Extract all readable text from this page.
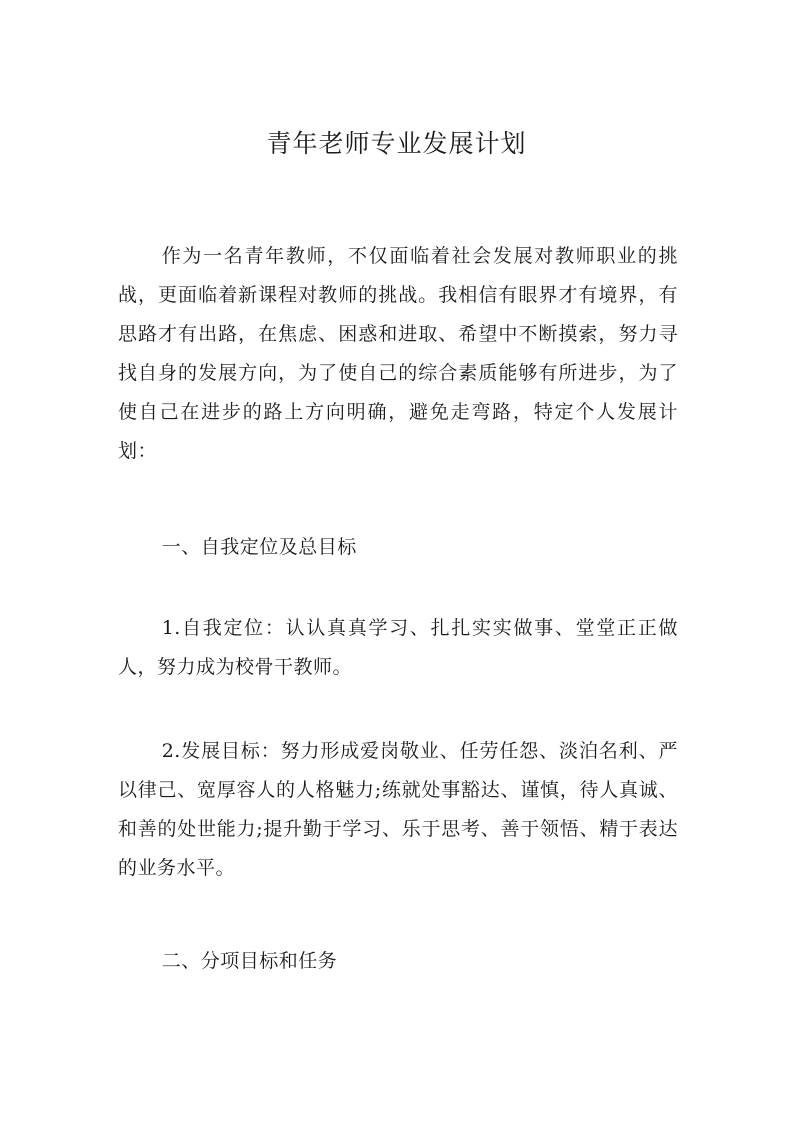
青年老师专业发展计划

作为一名青年教师，不仅面临着社会发展对教师职业的挑战，更面临着新课程对教师的挑战。我相信有眼界才有境界，有思路才有出路，在焦虑、困惑和进取、希望中不断摸索，努力寻找自身的发展方向，为了使自己的综合素质能够有所进步，为了使自己在进步的路上方向明确，避免走弯路，特定个人发展计划：

一、自我定位及总目标

1.自我定位：认认真真学习、扎扎实实做事、堂堂正正做人，努力成为校骨干教师。

2.发展目标：努力形成爱岗敬业、任劳任怨、淡泊名利、严以律己、宽厚容人的人格魅力;练就处事豁达、谨慎，待人真诚、和善的处世能力;提升勤于学习、乐于思考、善于领悟、精于表达的业务水平。

二、分项目标和任务
